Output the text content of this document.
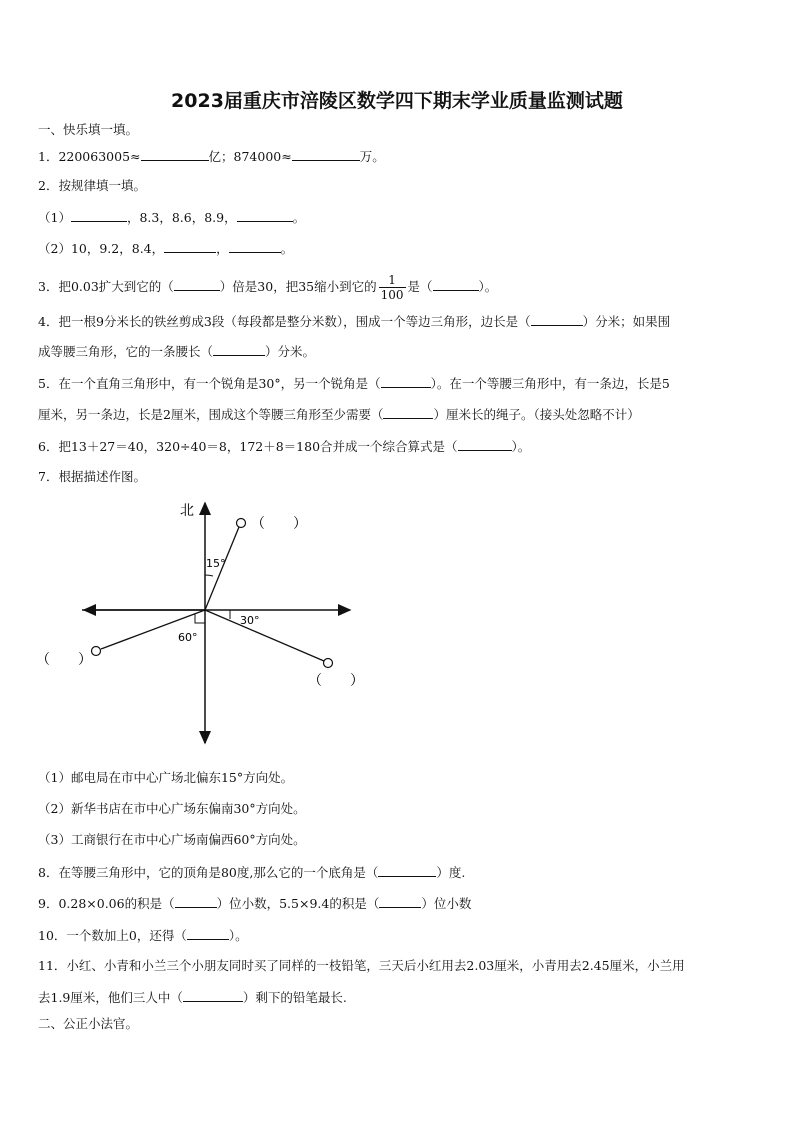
2023届重庆市涪陵区数学四下期末学业质量监测试题
一、快乐填一填。
1．220063005≈	亿；874000≈	万。
2．按规律填一填。
（1）	，8.3，8.6，8.9，	。
（2）10，9.2，8.4，	，	。
3．把0.03扩大到它的（	）倍是30，把35缩小到它的 $\frac{1}{100}$ 是（	）。
4．把一根9分米长的铁丝剪成3段（每段都是整分米数），围成一个等边三角形，边长是（	）分米；如果围
成等腰三角形，它的一条腰长（	）分米。
5．在一个直角三角形中，有一个锐角是30°，另一个锐角是（	）。在一个等腰三角形中，有一条边，长是5
厘米，另一条边，长是2厘米，围成这个等腰三角形至少需要（	）厘米长的绳子。（接头处忽略不计）
6．把13＋27＝40，320÷40＝8，172＋8＝180合并成一个综合算式是（	）。
7．根据描述作图。
北
（　　）
15°
（　　）
30°
（　　）
60°
（1）邮电局在市中心广场北偏东15°方向处。
（2）新华书店在市中心广场东偏南30°方向处。
（3）工商银行在市中心广场南偏西60°方向处。
8．在等腰三角形中，它的顶角是80度,那么它的一个底角是（	）度.
9．0.28×0.06的积是（	）位小数，5.5×9.4的积是（	）位小数
10．一个数加上0，还得（	）。
11．小红、小青和小兰三个小朋友同时买了同样的一枝铅笔，三天后小红用去2.03厘米，小青用去2.45厘米，小兰用
去1.9厘米，他们三人中（	）剩下的铅笔最长.
二、公正小法官。
